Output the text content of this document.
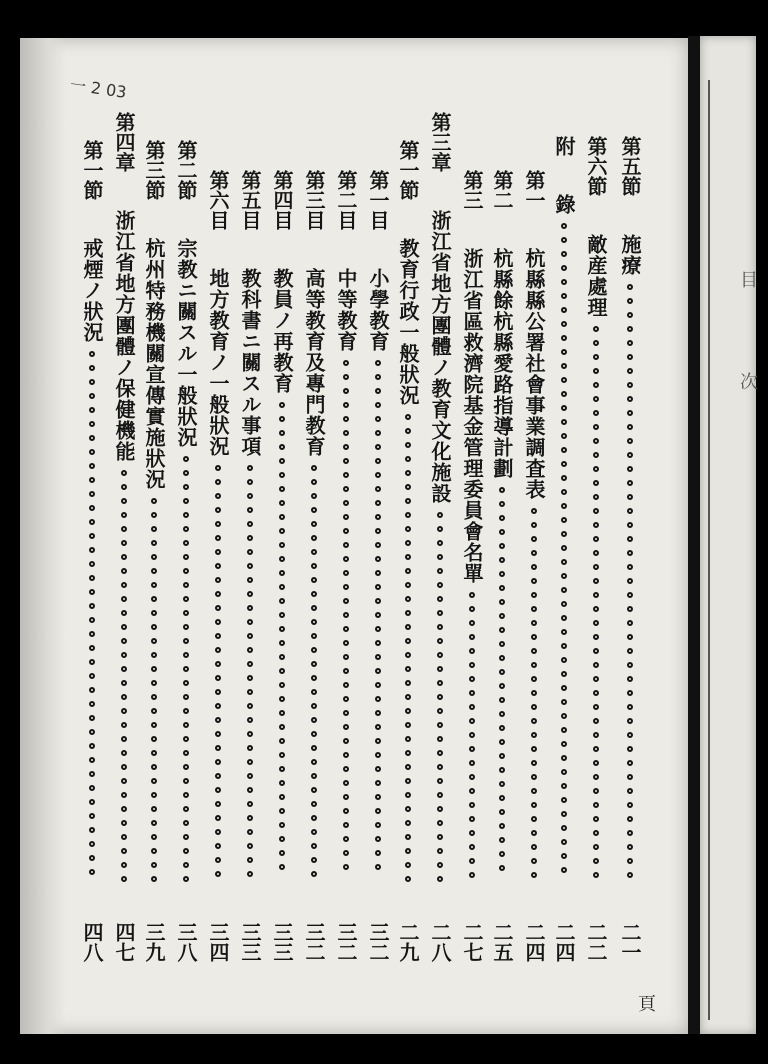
目
次
一 2 03
第五節　施療
二一
第六節　敵産處理
二二
附　錄
二四
第一　杭縣縣公署社會事業調査表
二四
第二　杭縣餘杭縣愛路指導計劃
二五
第三　浙江省區救濟院基金管理委員會名單
二七
第三章　浙江省地方團體ノ教育文化施設
二八
第一節　教育行政一般狀況
二九
第一目　小學教育
三二
第二目　中等教育
三二
第三目　高等教育及專門教育
三二
第四目　教員ノ再教育
三三
第五目　教科書ニ關スル事項
三三
第六目　地方教育ノ一般狀況
三四
第二節　宗教ニ關スル一般狀況
三八
第三節　杭州特務機關宣傳實施狀況
三九
第四章　浙江省地方團體ノ保健機能
四七
第一節　戒煙ノ狀況
四八
頁
